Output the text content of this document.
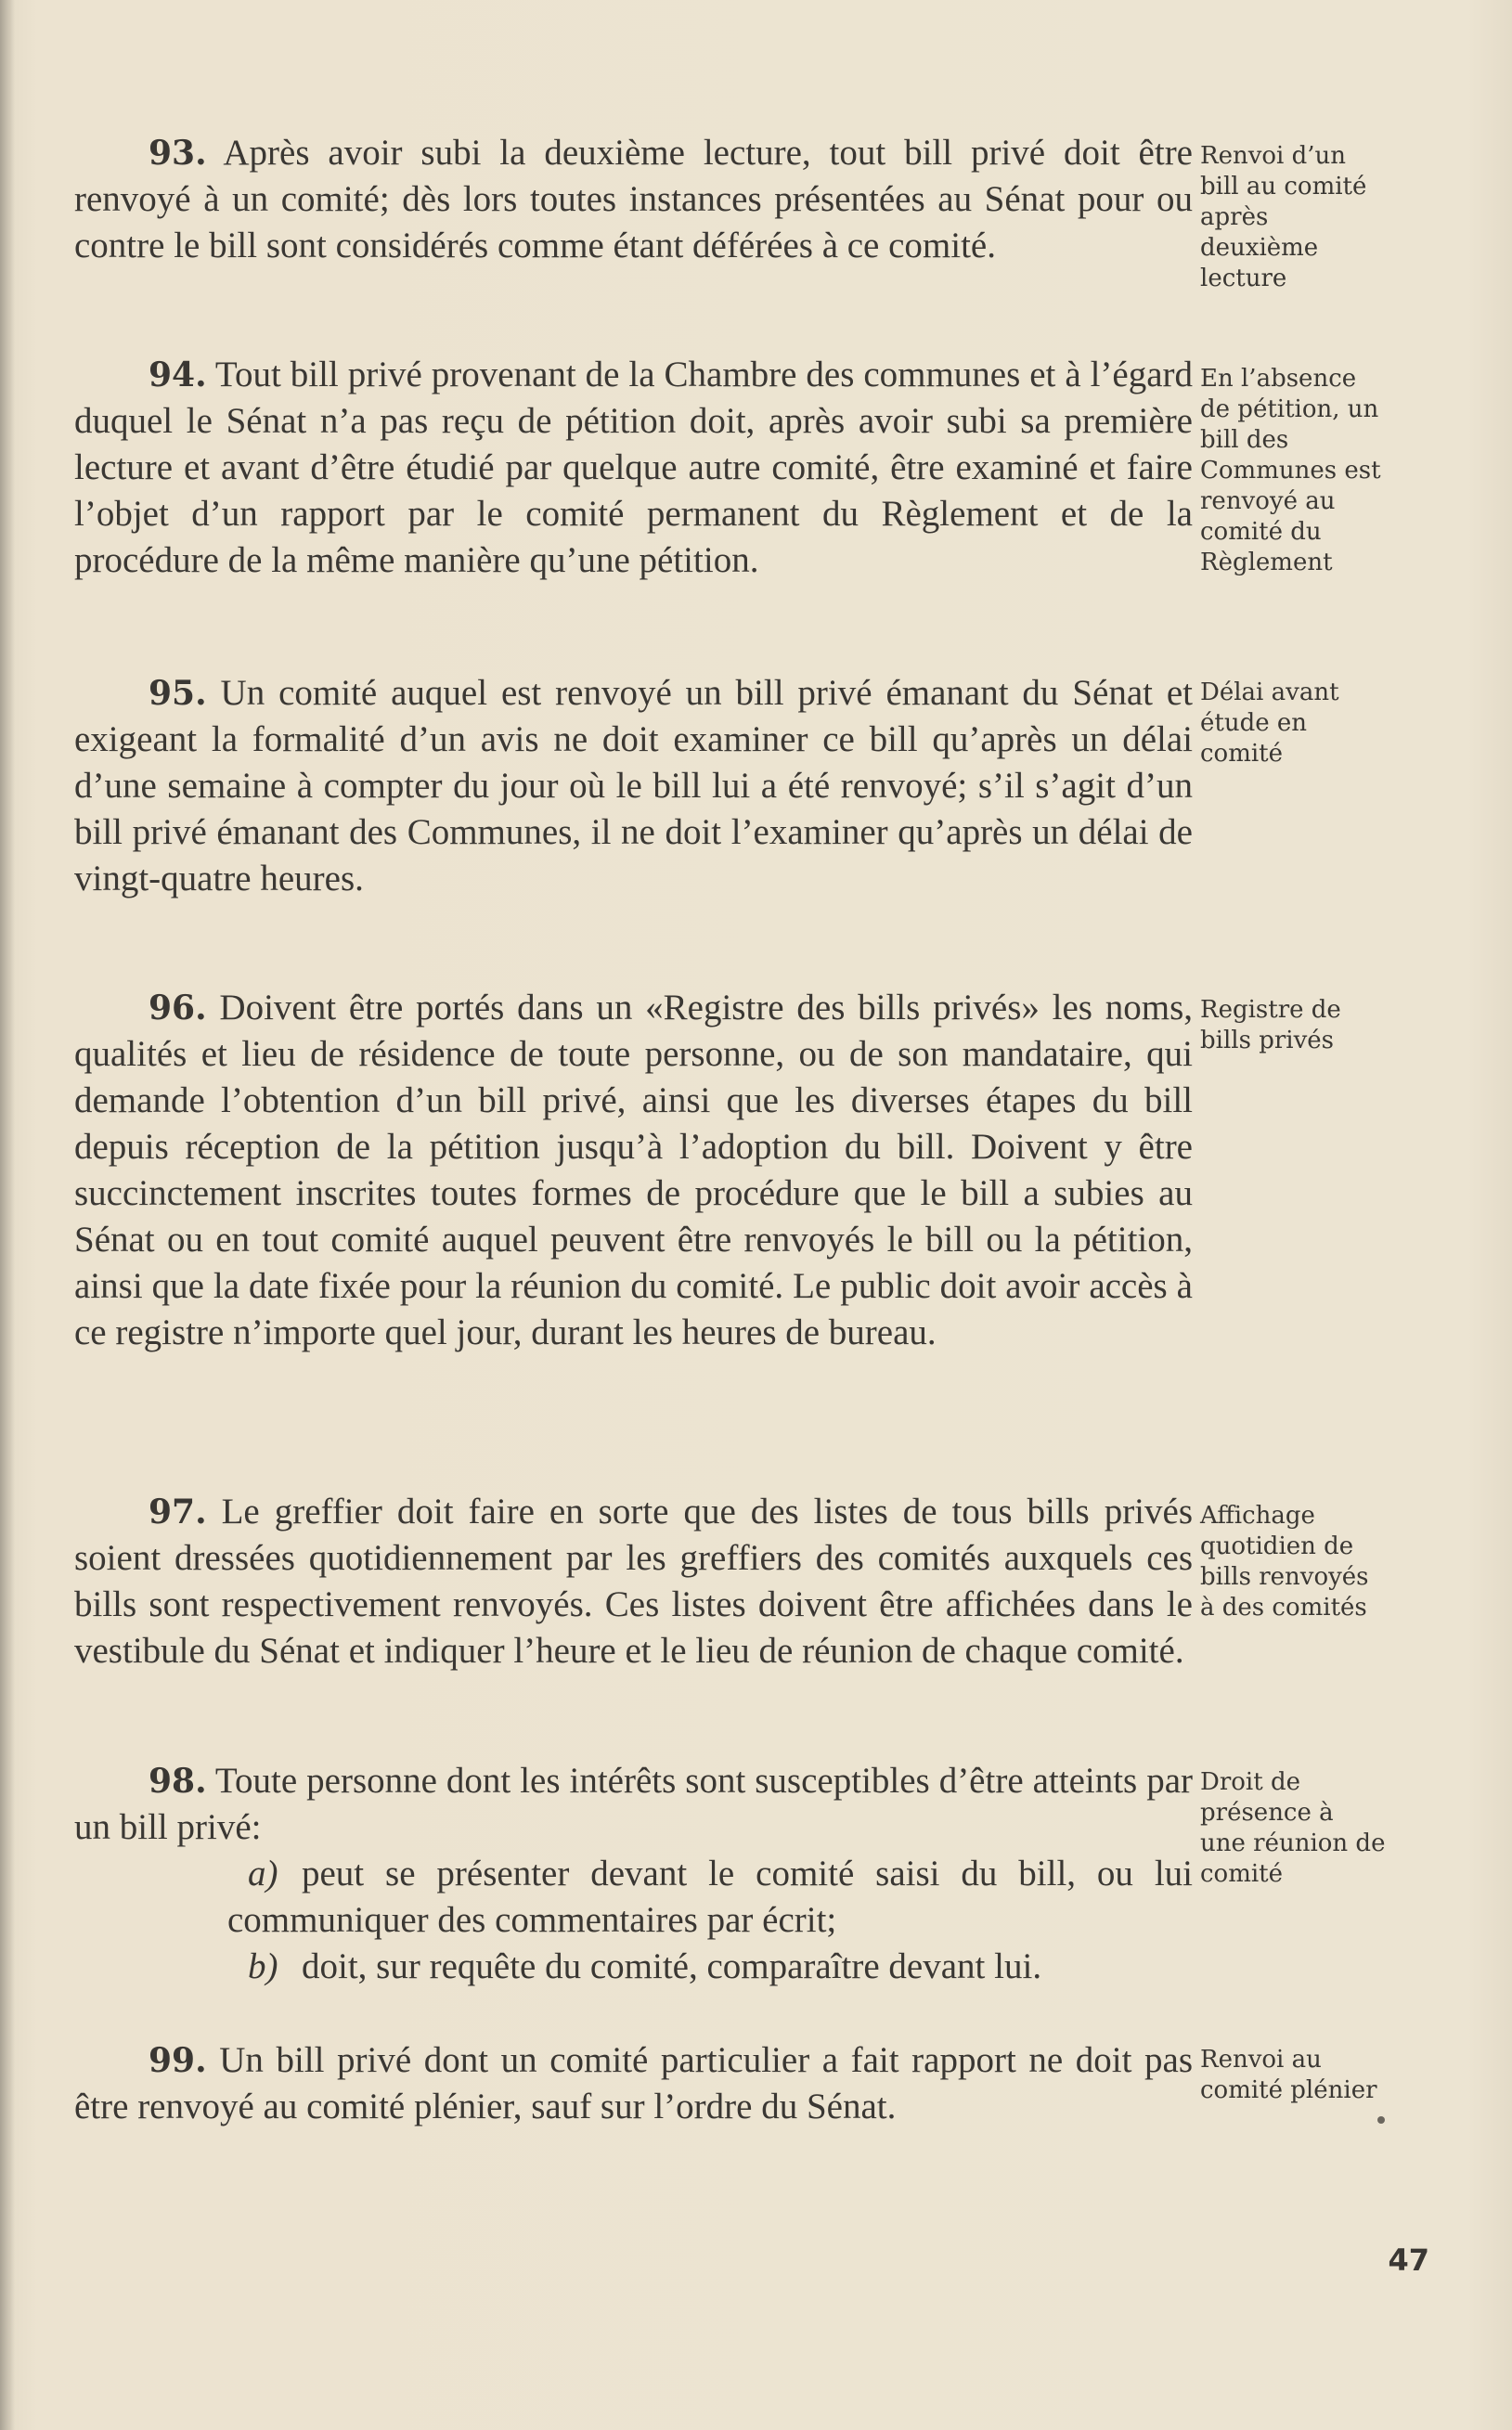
93. Après avoir subi la deuxième lecture, tout bill privé doit être renvoyé à un comité; dès lors toutes instances présentées au Sénat pour ou contre le bill sont considérés comme étant déférées à ce comité.

Renvoi d’un bill au comité après deuxième lecture

94. Tout bill privé provenant de la Chambre des communes et à l’égard duquel le Sénat n’a pas reçu de pétition doit, après avoir subi sa première lecture et avant d’être étudié par quelque autre comité, être examiné et faire l’objet d’un rapport par le comité permanent du Règlement et de la procédure de la même manière qu’une pétition.

En l’absence de pétition, un bill des Communes est renvoyé au comité du Règlement

95. Un comité auquel est renvoyé un bill privé émanant du Sénat et exigeant la formalité d’un avis ne doit examiner ce bill qu’après un délai d’une semaine à compter du jour où le bill lui a été renvoyé; s’il s’agit d’un bill privé émanant des Communes, il ne doit l’examiner qu’après un délai de vingt-quatre heures.

Délai avant étude en comité

96. Doivent être portés dans un «Registre des bills privés» les noms, qualités et lieu de résidence de toute personne, ou de son mandataire, qui demande l’obtention d’un bill privé, ainsi que les diverses étapes du bill depuis réception de la pétition jusqu’à l’adoption du bill. Doivent y être succinctement inscrites toutes formes de procédure que le bill a subies au Sénat ou en tout comité auquel peuvent être renvoyés le bill ou la pétition, ainsi que la date fixée pour la réunion du comité. Le public doit avoir accès à ce registre n’importe quel jour, durant les heures de bureau.

Registre de bills privés

97. Le greffier doit faire en sorte que des listes de tous bills privés soient dressées quotidiennement par les greffiers des comités auxquels ces bills sont respectivement renvoyés. Ces listes doivent être affichées dans le vestibule du Sénat et indiquer l’heure et le lieu de réunion de chaque comité.

Affichage quotidien de bills renvoyés à des comités

98. Toute personne dont les intérêts sont susceptibles d’être atteints par un bill privé:

a) peut se présenter devant le comité saisi du bill, ou lui communiquer des commentaires par écrit;

b) doit, sur requête du comité, comparaître devant lui.

Droit de présence à une réunion de comité

99. Un bill privé dont un comité particulier a fait rapport ne doit pas être renvoyé au comité plénier, sauf sur l’ordre du Sénat.

Renvoi au comité plénier
47
